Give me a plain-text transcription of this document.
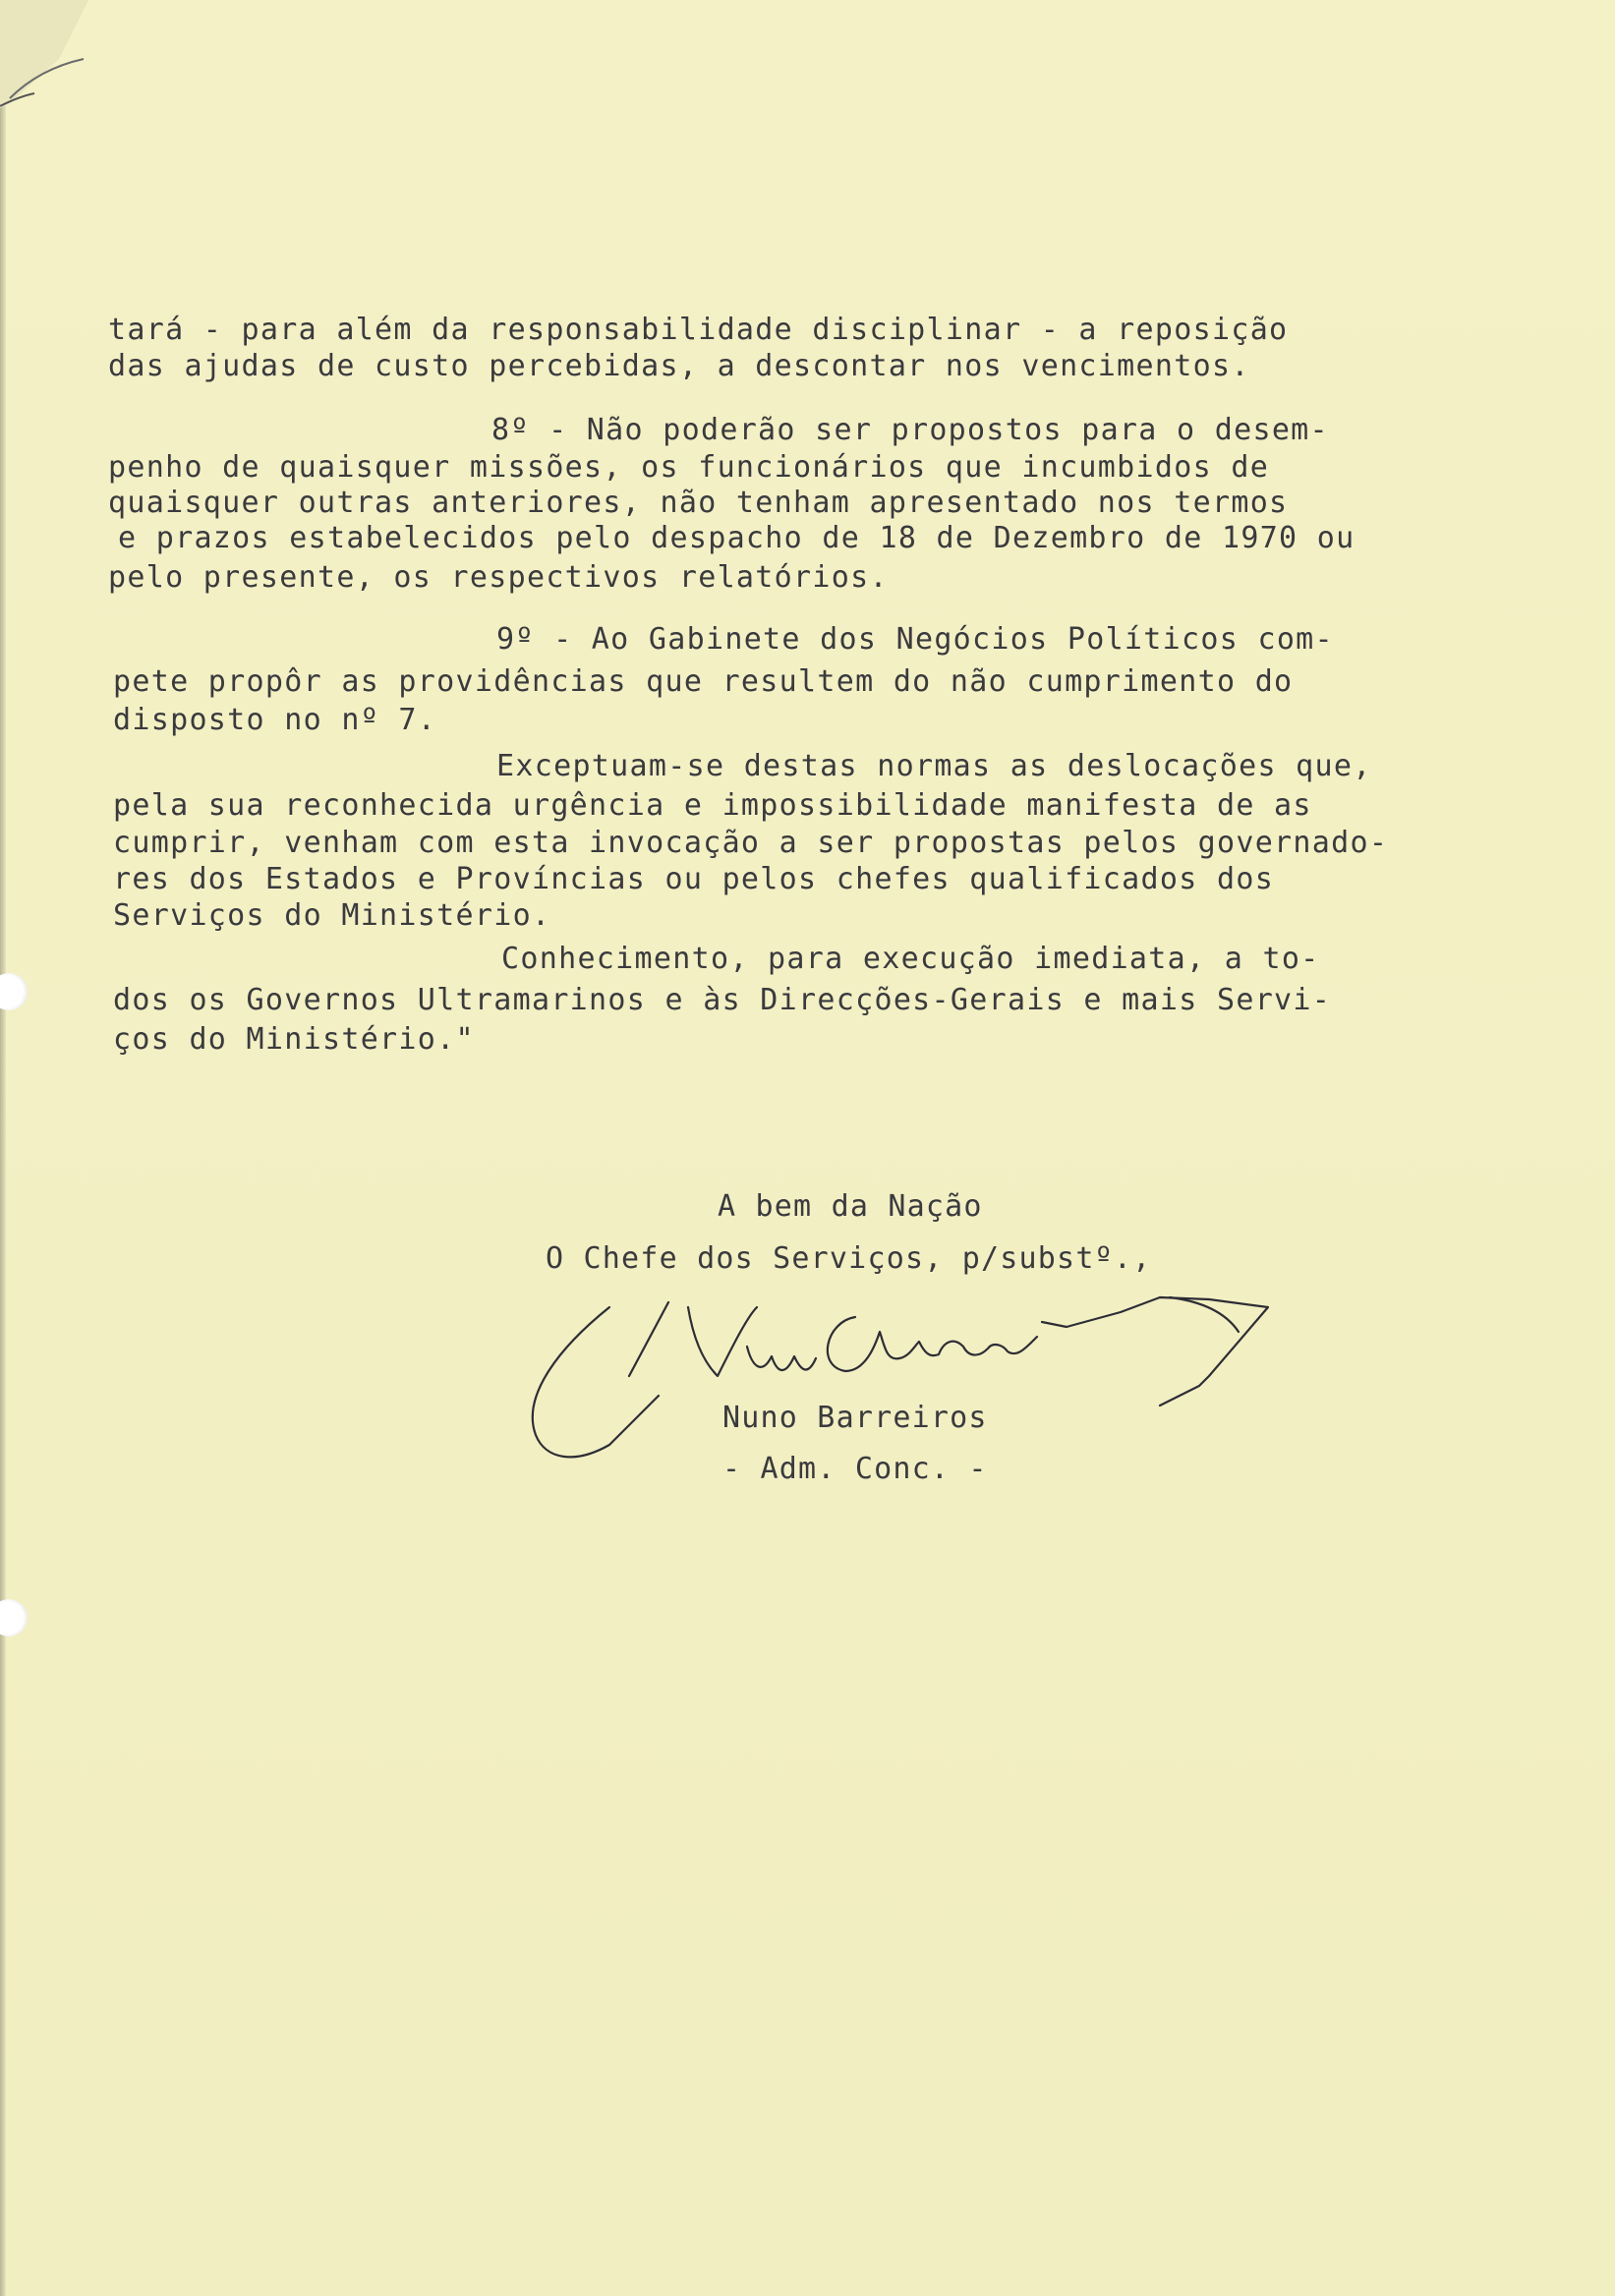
tará - para além da responsabilidade disciplinar - a reposição
das ajudas de custo percebidas, a descontar nos vencimentos.
8º - Não poderão ser propostos para o desem-
penho de quaisquer missões, os funcionários que incumbidos de
quaisquer outras anteriores, não tenham apresentado nos termos
e prazos estabelecidos pelo despacho de 18 de Dezembro de 1970 ou
pelo presente, os respectivos relatórios.
9º - Ao Gabinete dos Negócios Políticos com-
pete propôr as providências que resultem do não cumprimento do
disposto no nº 7.
Exceptuam-se destas normas as deslocações que,
pela sua reconhecida urgência e impossibilidade manifesta de as
cumprir, venham com esta invocação a ser propostas pelos governado-
res dos Estados e Províncias ou pelos chefes qualificados dos
Serviços do Ministério.
Conhecimento, para execução imediata, a to-
dos os Governos Ultramarinos e às Direcções-Gerais e mais Servi-
ços do Ministério."
A bem da Nação
O Chefe dos Serviços, p/substº.,
Nuno Barreiros
- Adm. Conc. -
